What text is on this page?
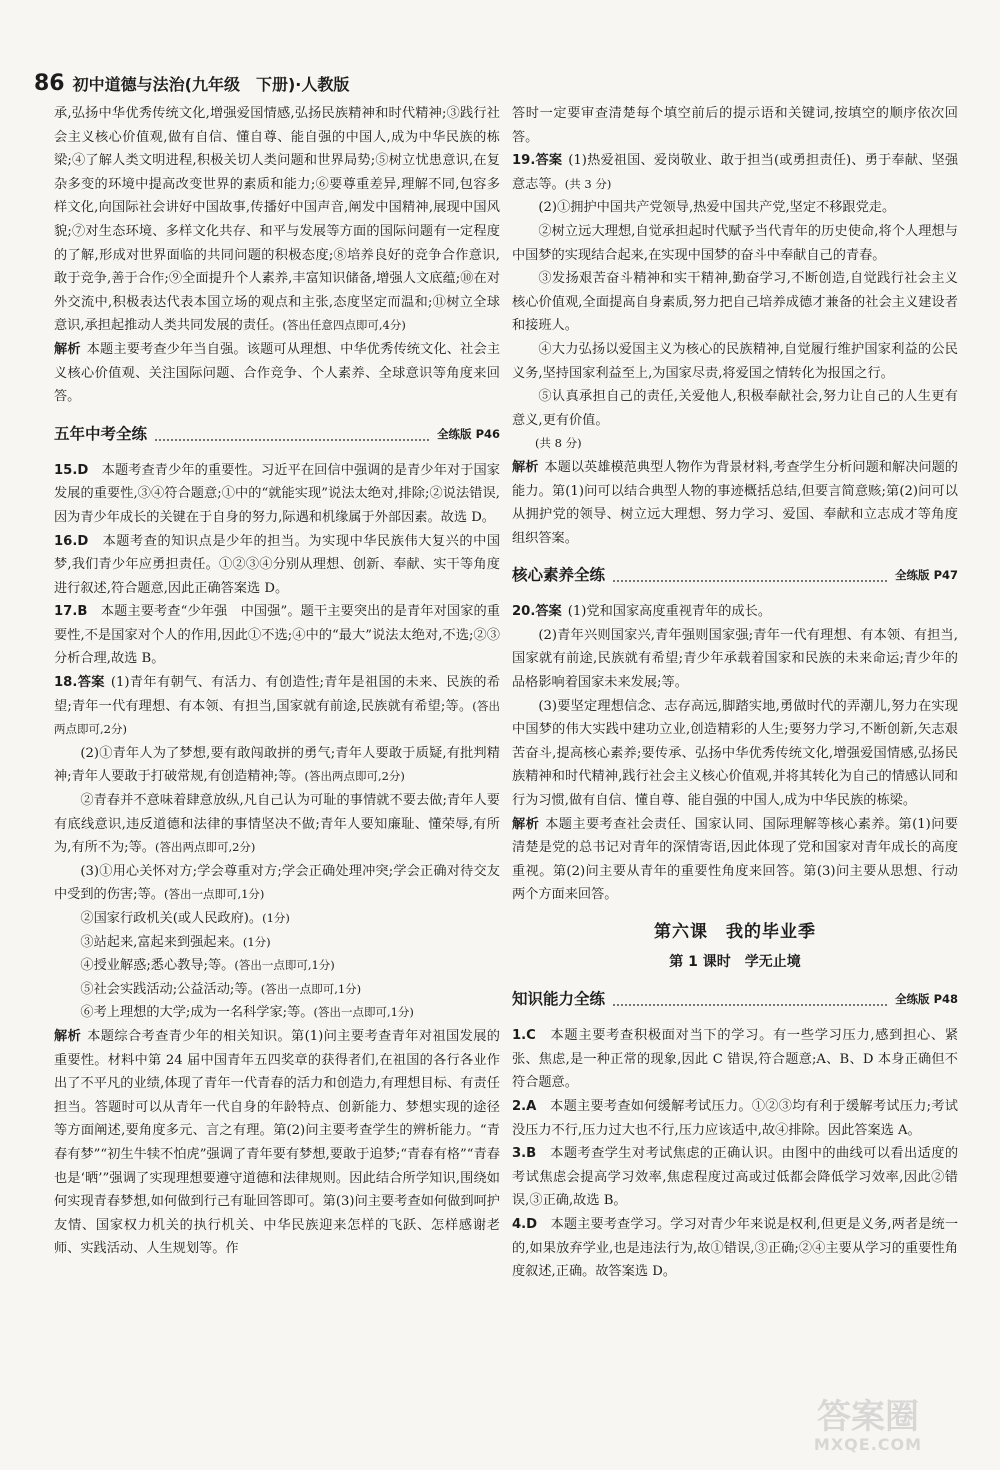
86 初中道德与法治(九年级　下册)·人教版

承,弘扬中华优秀传统文化,增强爱国情感,弘扬民族精神和时代精神;③践行社会主义核心价值观,做有自信、懂自尊、能自强的中国人,成为中华民族的栋梁;④了解人类文明进程,积极关切人类问题和世界局势;⑤树立忧患意识,在复杂多变的环境中提高改变世界的素质和能力;⑥要尊重差异,理解不同,包容多样文化,向国际社会讲好中国故事,传播好中国声音,阐发中国精神,展现中国风貌;⑦对生态环境、多样文化共存、和平与发展等方面的国际问题有一定程度的了解,形成对世界面临的共同问题的积极态度;⑧培养良好的竞争合作意识,敢于竞争,善于合作;⑨全面提升个人素养,丰富知识储备,增强人文底蕴;⑩在对外交流中,积极表达代表本国立场的观点和主张,态度坚定而温和;⑪树立全球意识,承担起推动人类共同发展的责任。(答出任意四点即可,4分)

解析 本题主要考查少年当自强。该题可从理想、中华优秀传统文化、社会主义核心价值观、关注国际问题、合作竞争、个人素养、全球意识等角度来回答。

五年中考全练	全练版 P46

15.D　 本题考查青少年的重要性。习近平在回信中强调的是青少年对于国家发展的重要性,③④符合题意;①中的“就能实现”说法太绝对,排除;②说法错误,因为青少年成长的关键在于自身的努力,际遇和机缘属于外部因素。故选 D。

16.D　 本题考查的知识点是少年的担当。为实现中华民族伟大复兴的中国梦,我们青少年应勇担责任。①②③④分别从理想、创新、奉献、实干等角度进行叙述,符合题意,因此正确答案选 D。

17.B　 本题主要考查“少年强　中国强”。题干主要突出的是青年对国家的重要性,不是国家对个人的作用,因此①不选;④中的“最大”说法太绝对,不选;②③分析合理,故选 B。

18.答案 (1)青年有朝气、有活力、有创造性;青年是祖国的未来、民族的希望;青年一代有理想、有本领、有担当,国家就有前途,民族就有希望;等。(答出两点即可,2分)

(2)①青年人为了梦想,要有敢闯敢拼的勇气;青年人要敢于质疑,有批判精神;青年人要敢于打破常规,有创造精神;等。(答出两点即可,2分)

②青春并不意味着肆意放纵,凡自己认为可耻的事情就不要去做;青年人要有底线意识,违反道德和法律的事情坚决不做;青年人要知廉耻、懂荣辱,有所为,有所不为;等。(答出两点即可,2分)

(3)①用心关怀对方;学会尊重对方;学会正确处理冲突;学会正确对待交友中受到的伤害;等。(答出一点即可,1分)

②国家行政机关(或人民政府)。(1分)

③站起来,富起来到强起来。(1分)

④授业解惑;悉心教导;等。(答出一点即可,1分)

⑤社会实践活动;公益活动;等。(答出一点即可,1分)

⑥考上理想的大学;成为一名科学家;等。(答出一点即可,1分)

解析 本题综合考查青少年的相关知识。第(1)问主要考查青年对祖国发展的重要性。材料中第 24 届中国青年五四奖章的获得者们,在祖国的各行各业作出了不平凡的业绩,体现了青年一代青春的活力和创造力,有理想目标、有责任担当。答题时可以从青年一代自身的年龄特点、创新能力、梦想实现的途径等方面阐述,要角度多元、言之有理。第(2)问主要考查学生的辨析能力。“青春有梦”“初生牛犊不怕虎”强调了青年要有梦想,要敢于追梦;“青春有格”“青春也是‘晒’”强调了实现理想要遵守道德和法律规则。因此结合所学知识,围绕如何实现青春梦想,如何做到行己有耻回答即可。第(3)问主要考查如何做到呵护友情、国家权力机关的执行机关、中华民族迎来怎样的飞跃、怎样感谢老师、实践活动、人生规划等。作

答时一定要审查清楚每个填空前后的提示语和关键词,按填空的顺序依次回答。

19.答案 (1)热爱祖国、爱岗敬业、敢于担当(或勇担责任)、勇于奉献、坚强意志等。(共 3 分)

(2)①拥护中国共产党领导,热爱中国共产党,坚定不移跟党走。

②树立远大理想,自觉承担起时代赋予当代青年的历史使命,将个人理想与中国梦的实现结合起来,在实现中国梦的奋斗中奉献自己的青春。

③发扬艰苦奋斗精神和实干精神,勤奋学习,不断创造,自觉践行社会主义核心价值观,全面提高自身素质,努力把自己培养成德才兼备的社会主义建设者和接班人。

④大力弘扬以爱国主义为核心的民族精神,自觉履行维护国家利益的公民义务,坚持国家利益至上,为国家尽责,将爱国之情转化为报国之行。

⑤认真承担自己的责任,关爱他人,积极奉献社会,努力让自己的人生更有意义,更有价值。

(共 8 分)

解析 本题以英雄模范典型人物作为背景材料,考查学生分析问题和解决问题的能力。第(1)问可以结合典型人物的事迹概括总结,但要言简意赅;第(2)问可以从拥护党的领导、树立远大理想、努力学习、爱国、奉献和立志成才等角度组织答案。

核心素养全练	全练版 P47

20.答案 (1)党和国家高度重视青年的成长。

(2)青年兴则国家兴,青年强则国家强;青年一代有理想、有本领、有担当,国家就有前途,民族就有希望;青少年承载着国家和民族的未来命运;青少年的品格影响着国家未来发展;等。

(3)要坚定理想信念、志存高远,脚踏实地,勇做时代的弄潮儿,努力在实现中国梦的伟大实践中建功立业,创造精彩的人生;要努力学习,不断创新,矢志艰苦奋斗,提高核心素养;要传承、弘扬中华优秀传统文化,增强爱国情感,弘扬民族精神和时代精神,践行社会主义核心价值观,并将其转化为自己的情感认同和行为习惯,做有自信、懂自尊、能自强的中国人,成为中华民族的栋梁。

解析 本题主要考查社会责任、国家认同、国际理解等核心素养。第(1)问要清楚是党的总书记对青年的深情寄语,因此体现了党和国家对青年成长的高度重视。第(2)问主要从青年的重要性角度来回答。第(3)问主要从思想、行动两个方面来回答。

第六课　我的毕业季
第 1 课时　学无止境
知识能力全练	全练版 P48

1.C　 本题主要考查积极面对当下的学习。有一些学习压力,感到担心、紧张、焦虑,是一种正常的现象,因此 C 错误,符合题意;A、B、D 本身正确但不符合题意。

2.A　 本题主要考查如何缓解考试压力。①②③均有利于缓解考试压力;考试没压力不行,压力过大也不行,压力应该适中,故④排除。因此答案选 A。

3.B　 本题考查学生对考试焦虑的正确认识。由图中的曲线可以看出适度的考试焦虑会提高学习效率,焦虑程度过高或过低都会降低学习效率,因此②错误,③正确,故选 B。

4.D　 本题主要考查学习。学习对青少年来说是权利,但更是义务,两者是统一的,如果放弃学业,也是违法行为,故①错误,③正确;②④主要从学习的重要性角度叙述,正确。故答案选 D。

答案圈
MXQE.COM
